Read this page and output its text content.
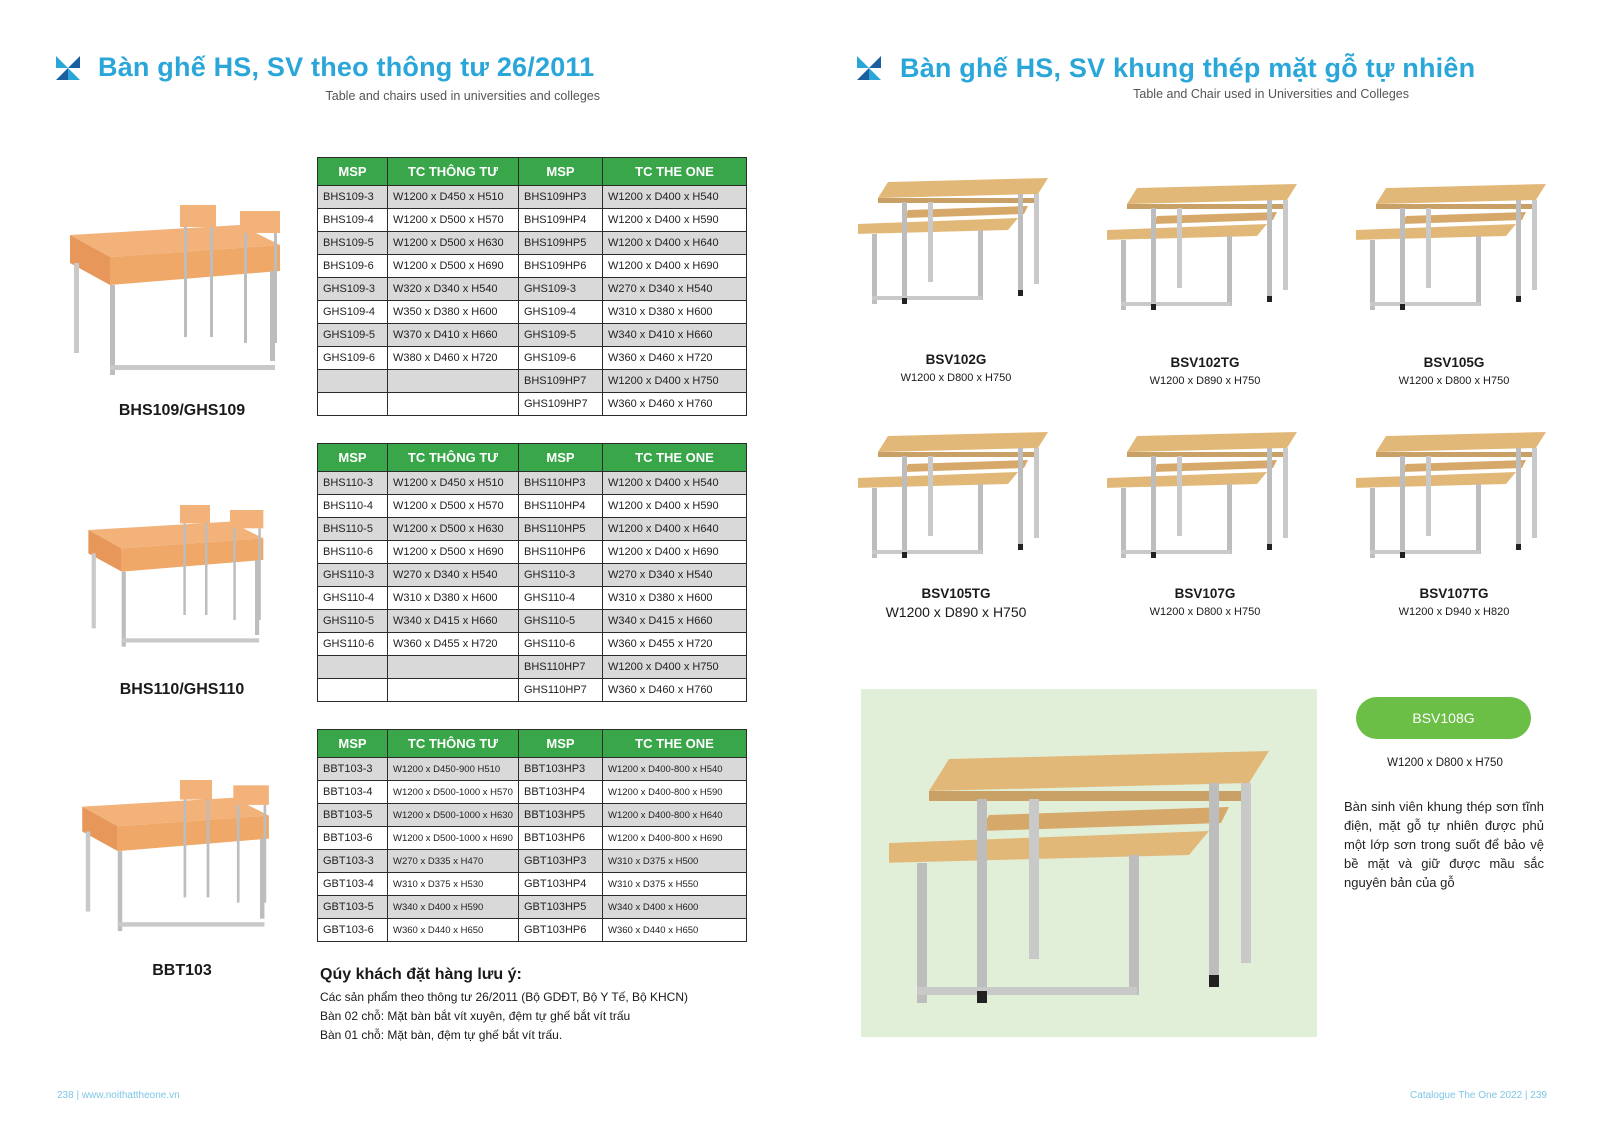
Bàn ghế HS, SV theo thông tư 26/2011
Table and chairs used in universities and colleges
Bàn ghế HS, SV khung thép mặt gỗ tự nhiên
Table and Chair used in Universities and Colleges
BHS109/GHS109
BHS110/GHS110
BBT103
MSP	TC THÔNG TƯ	MSP	TC THE ONE
BHS109-3	W1200 x D450 x H510	BHS109HP3	W1200 x D400 x H540
BHS109-4	W1200 x D500 x H570	BHS109HP4	W1200 x D400 x H590
BHS109-5	W1200 x D500 x H630	BHS109HP5	W1200 x D400 x H640
BHS109-6	W1200 x D500 x H690	BHS109HP6	W1200 x D400 x H690
GHS109-3	W320 x D340 x H540	GHS109-3	W270 x D340 x H540
GHS109-4	W350 x D380 x H600	GHS109-4	W310 x D380 x H600
GHS109-5	W370 x D410 x H660	GHS109-5	W340 x D410 x H660
GHS109-6	W380 x D460 x H720	GHS109-6	W360 x D460 x H720
		BHS109HP7	W1200 x D400 x H750
		GHS109HP7	W360 x D460 x H760
MSP	TC THÔNG TƯ	MSP	TC THE ONE
BHS110-3	W1200 x D450 x H510	BHS110HP3	W1200 x D400 x H540
BHS110-4	W1200 x D500 x H570	BHS110HP4	W1200 x D400 x H590
BHS110-5	W1200 x D500 x H630	BHS110HP5	W1200 x D400 x H640
BHS110-6	W1200 x D500 x H690	BHS110HP6	W1200 x D400 x H690
GHS110-3	W270 x D340 x H540	GHS110-3	W270 x D340 x H540
GHS110-4	W310 x D380 x H600	GHS110-4	W310 x D380 x H600
GHS110-5	W340 x D415 x H660	GHS110-5	W340 x D415 x H660
GHS110-6	W360 x D455 x H720	GHS110-6	W360 x D455 x H720
		BHS110HP7	W1200 x D400 x H750
		GHS110HP7	W360 x D460 x H760
MSP	TC THÔNG TƯ	MSP	TC THE ONE
BBT103-3	W1200 x D450-900 H510	BBT103HP3	W1200 x D400-800 x H540
BBT103-4	W1200 x D500-1000 x H570	BBT103HP4	W1200 x D400-800 x H590
BBT103-5	W1200 x D500-1000 x H630	BBT103HP5	W1200 x D400-800 x H640
BBT103-6	W1200 x D500-1000 x H690	BBT103HP6	W1200 x D400-800 x H690
GBT103-3	W270 x D335 x H470	GBT103HP3	W310 x D375 x H500
GBT103-4	W310 x D375 x H530	GBT103HP4	W310 x D375 x H550
GBT103-5	W340 x D400 x H590	GBT103HP5	W340 x D400 x H600
GBT103-6	W360 x D440 x H650	GBT103HP6	W360 x D440 x H650
Qúy khách đặt hàng lưu ý:
Các sản phẩm theo thông tư 26/2011 (Bộ GDĐT, Bộ Y Tế, Bộ KHCN)
Bàn 02 chỗ: Mặt bàn bắt vít xuyên, đệm tự ghế bắt vít trấu
Bàn 01 chỗ: Mặt bàn, đệm tự ghế bắt vít trấu.
BSV102G
W1200 x D800 x H750
BSV102TG
W1200 x D890 x H750
BSV105G
W1200 x D800 x H750
BSV105TG
W1200 x D890 x H750
BSV107G
W1200 x D800 x H750
BSV107TG
W1200 x D940 x H820
BSV108G
W1200 x D800 x H750
Bàn sinh viên khung thép sơn tĩnh điện, mặt gỗ tự nhiên được phủ một lớp sơn trong suốt để bảo vệ bề mặt và giữ được mầu sắc nguyên bản của gỗ
238 | www.noithattheone.vn	Catalogue The One 2022 | 239
